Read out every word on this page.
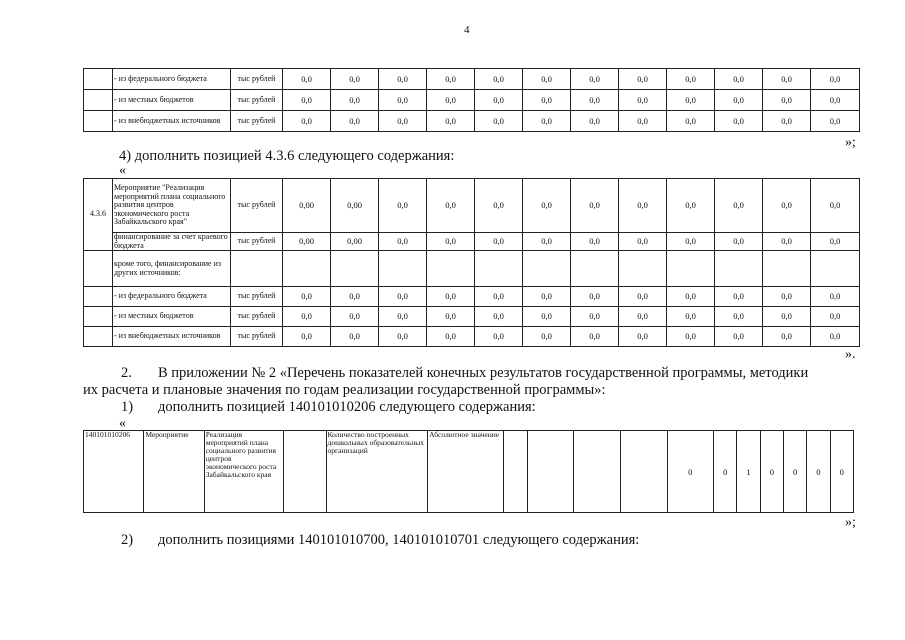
4
	- из федерального бюджета	тыс рублей	0,0	0,0	0,0	0,0	0,0	0,0	0,0	0,0	0,0	0,0	0,0	0,0
	- из местных бюджетов	тыс рублей	0,0	0,0	0,0	0,0	0,0	0,0	0,0	0,0	0,0	0,0	0,0	0,0
	- из внебюджетных источников	тыс рублей	0,0	0,0	0,0	0,0	0,0	0,0	0,0	0,0	0,0	0,0	0,0	0,0
»;
4) дополнить позицией 4.3.6 следующего содержания:
«
4.3.6	Мероприятие "Реализация мероприятий плана социального развития центров экономического роста Забайкальского края"	тыс рублей	0,00	0,00	0,0	0,0	0,0	0,0	0,0	0,0	0,0	0,0	0,0	0,0
	финансирование за счет краевого бюджета	тыс рублей	0,00	0,00	0,0	0,0	0,0	0,0	0,0	0,0	0,0	0,0	0,0	0,0
	кроме того, финансирование из других источников:													
	- из федерального бюджета	тыс рублей	0,0	0,0	0,0	0,0	0,0	0,0	0,0	0,0	0,0	0,0	0,0	0,0
	- из местных бюджетов	тыс рублей	0,0	0,0	0,0	0,0	0,0	0,0	0,0	0,0	0,0	0,0	0,0	0,0
	- из внебюджетных источников	тыс рублей	0,0	0,0	0,0	0,0	0,0	0,0	0,0	0,0	0,0	0,0	0,0	0,0
».
2. В приложении № 2 «Перечень показателей конечных результатов государственной программы, методики
их расчета и плановые значения по годам реализации государственной программы»:
1) дополнить позицией 140101010206 следующего содержания:
«
140101010206	Мероприятие	Реализация мероприятий плана социального развития центров экономического роста Забайкальского края		Количество построенных дошкольных образовательных организаций	Абсолютное значение					0	0	1	0	0	0	0
»;
2) дополнить позициями 140101010700, 140101010701 следующего содержания:
